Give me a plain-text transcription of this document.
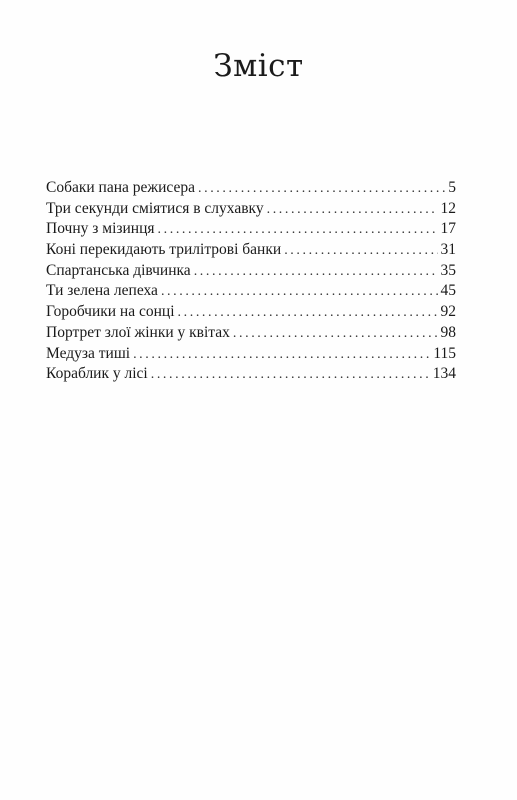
Зміст
Собаки пана режисера .....	5
Три секунди сміятися в слухавку .....	12
Почну з мізинця .....	17
Коні перекидають трилітрові банки .....	31
Спартанська дівчинка .....	35
Ти зелена лепеха .....	45
Горобчики на сонці .....	92
Портрет злої жінки у квітах .....	98
Медуза тиші .....	115
Кораблик у лісі .....	134
